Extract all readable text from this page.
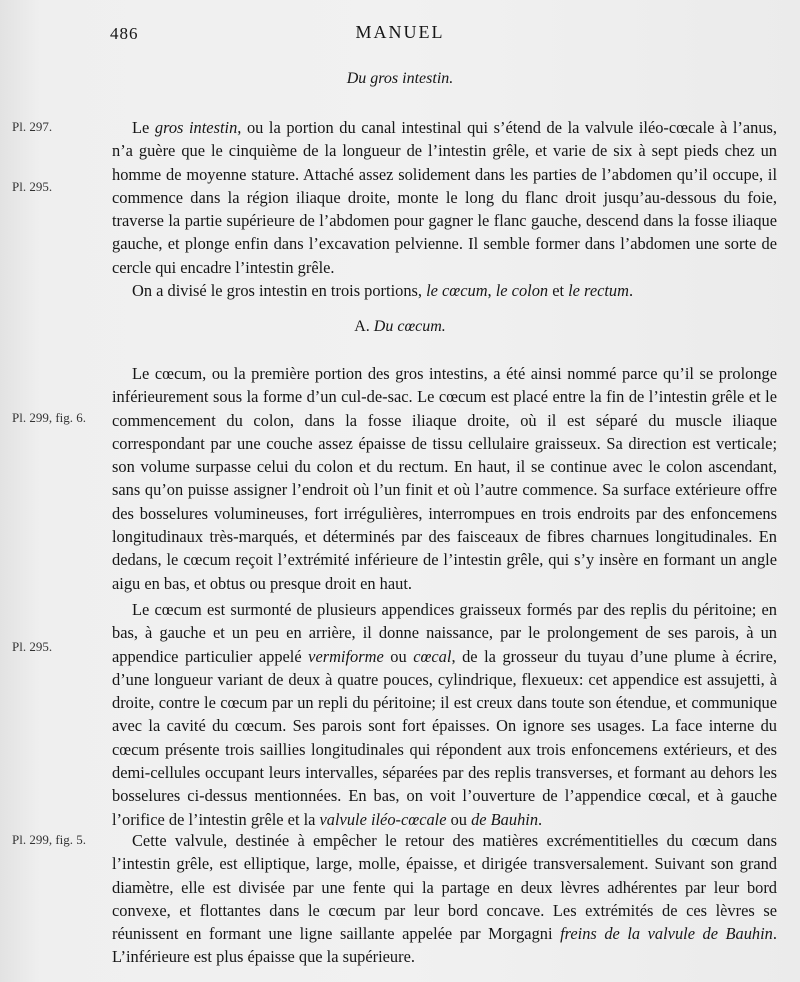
486	MANUEL
Du gros intestin.
Pl. 297.
Pl. 295.

Le gros intestin, ou la portion du canal intestinal qui s’étend de la valvule iléo-cœcale à l’anus, n’a guère que le cinquième de la longueur de l’intestin grêle, et varie de six à sept pieds chez un homme de moyenne stature. Attaché assez solidement dans les parties de l’abdomen qu’il occupe, il commence dans la région iliaque droite, monte le long du flanc droit jusqu’au-dessous du foie, traverse la partie supérieure de l’abdomen pour gagner le flanc gauche, descend dans la fosse iliaque gauche, et plonge enfin dans l’excavation pelvienne. Il semble former dans l’abdomen une sorte de cercle qui encadre l’intestin grêle.

On a divisé le gros intestin en trois portions, le cœcum, le colon et le rectum.

A. Du cœcum.
Pl. 299, fig. 6.

Le cœcum, ou la première portion des gros intestins, a été ainsi nommé parce qu’il se prolonge inférieurement sous la forme d’un cul-de-sac. Le cœcum est placé entre la fin de l’intestin grêle et le commencement du colon, dans la fosse iliaque droite, où il est séparé du muscle iliaque correspondant par une couche assez épaisse de tissu cellulaire graisseux. Sa direction est verticale; son volume surpasse celui du colon et du rectum. En haut, il se continue avec le colon ascendant, sans qu’on puisse assigner l’endroit où l’un finit et où l’autre commence. Sa surface extérieure offre des bosselures volumineuses, fort irrégulières, interrompues en trois endroits par des enfoncemens longitudinaux très-marqués, et déterminés par des faisceaux de fibres charnues longitudinales. En dedans, le cœcum reçoit l’extrémité inférieure de l’intestin grêle, qui s’y insère en formant un angle aigu en bas, et obtus ou presque droit en haut.

Pl. 295.

Le cœcum est surmonté de plusieurs appendices graisseux formés par des replis du péritoine; en bas, à gauche et un peu en arrière, il donne naissance, par le prolongement de ses parois, à un appendice particulier appelé vermiforme ou cœcal, de la grosseur du tuyau d’une plume à écrire, d’une longueur variant de deux à quatre pouces, cylindrique, flexueux: cet appendice est assujetti, à droite, contre le cœcum par un repli du péritoine; il est creux dans toute son étendue, et communique avec la cavité du cœcum. Ses parois sont fort épaisses. On ignore ses usages. La face interne du cœcum présente trois saillies longitudinales qui répondent aux trois enfoncemens extérieurs, et des demi-cellules occupant leurs intervalles, séparées par des replis transverses, et formant au dehors les bosselures ci-dessus mentionnées. En bas, on voit l’ouverture de l’appendice cœcal, et à gauche l’orifice de l’intestin grêle et la valvule iléo-cœcale ou de Bauhin.

Pl. 299, fig. 5.	Cette valvule, destinée à empêcher le retour des matières excrémentitielles du cœcum dans l’intestin grêle, est elliptique, large, molle, épaisse, et dirigée transversalement. Suivant son grand diamètre, elle est divisée par une fente qui la partage en deux lèvres adhérentes par leur bord convexe, et flottantes dans le cœcum par leur bord concave. Les extrémités de ces lèvres se réunissent en formant une ligne saillante appelée par Morgagni freins de la valvule de Bauhin. L’inférieure est plus épaisse que la supérieure.
